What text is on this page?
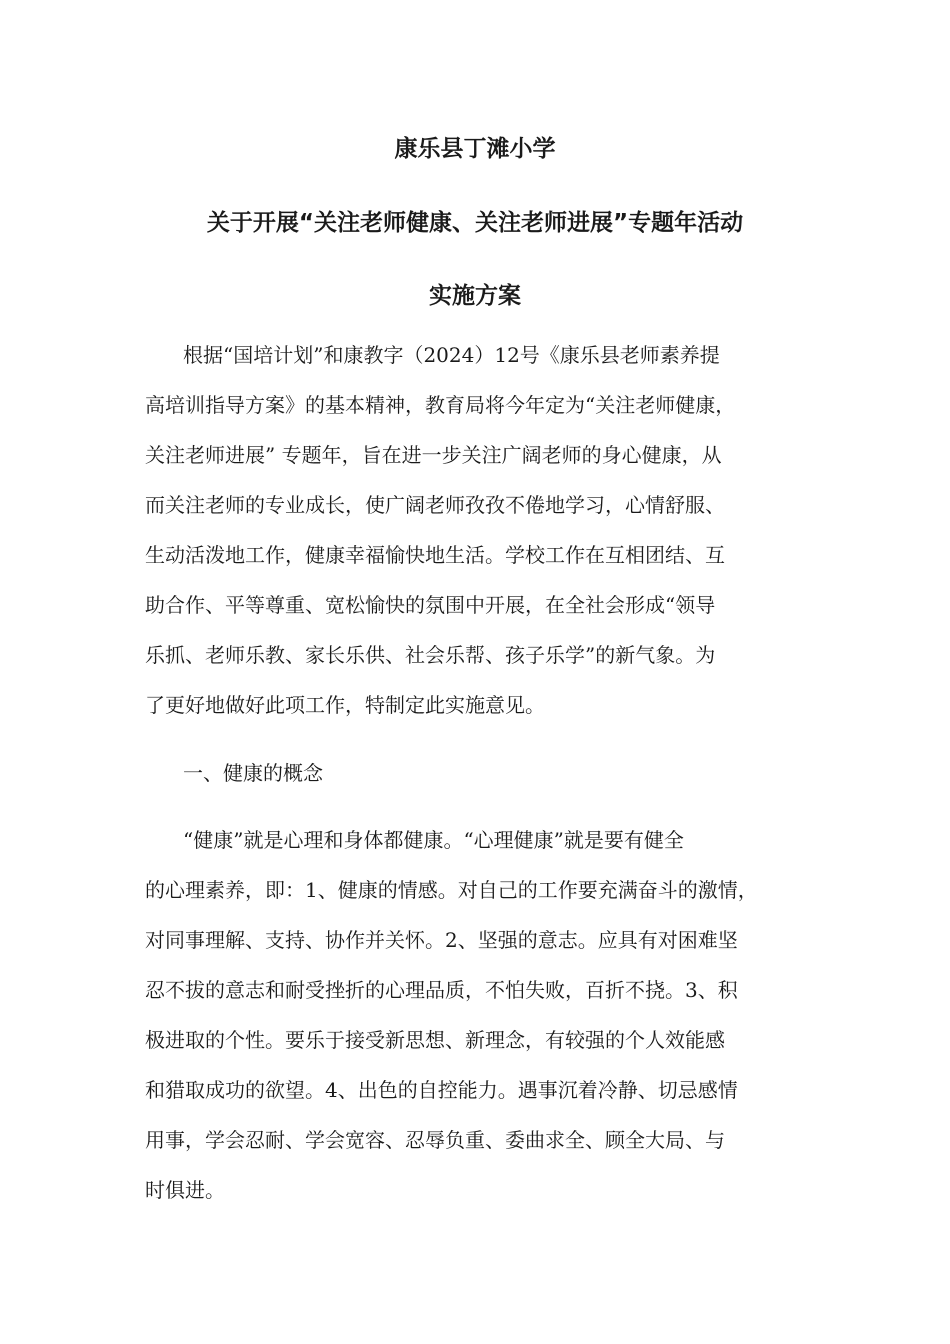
康乐县丁滩小学
关于开展“关注老师健康、关注老师进展”专题年活动
实施方案

根据“国培计划”和康教字（2024）12号《康乐县老师素养提
高培训指导方案》的基本精神，教育局将今年定为“关注老师健康，
关注老师进展” 专题年，旨在进一步关注广阔老师的身心健康，从
而关注老师的专业成长，使广阔老师孜孜不倦地学习，心情舒服、
生动活泼地工作，健康幸福愉快地生活。学校工作在互相团结、互
助合作、平等尊重、宽松愉快的氛围中开展，在全社会形成“领导
乐抓、老师乐教、家长乐供、社会乐帮、孩子乐学”的新气象。为
了更好地做好此项工作，特制定此实施意见。

一、健康的概念

“健康”就是心理和身体都健康。“心理健康”就是要有健全
的心理素养，即：1、健康的情感。对自己的工作要充满奋斗的激情，
对同事理解、支持、协作并关怀。2、坚强的意志。应具有对困难坚
忍不拔的意志和耐受挫折的心理品质，不怕失败，百折不挠。3、积
极进取的个性。要乐于接受新思想、新理念，有较强的个人效能感
和猎取成功的欲望。4、出色的自控能力。遇事沉着冷静、切忌感情
用事，学会忍耐、学会宽容、忍辱负重、委曲求全、顾全大局、与
时俱进。
